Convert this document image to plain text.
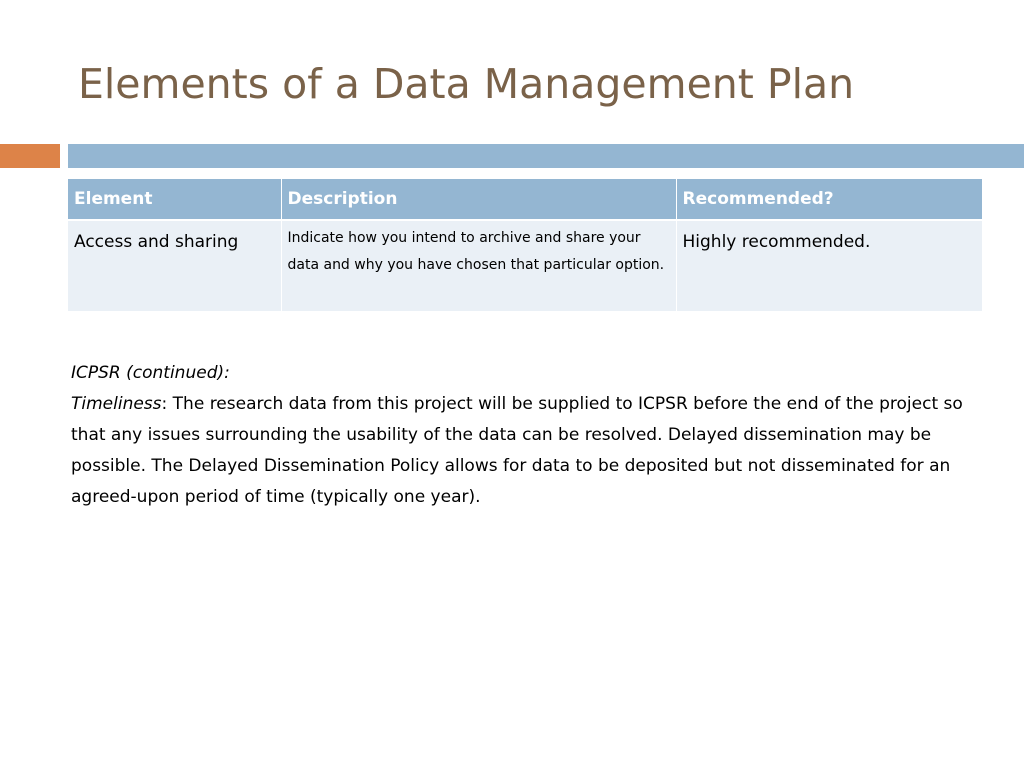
Elements of a Data Management Plan
Element	Description	Recommended?
Access and sharing	Indicate how you intend to archive and share your data and why you have chosen that particular option.	Highly recommended.

ICPSR (continued):

Timeliness: The research data from this project will be supplied to ICPSR before the end of the project so that any issues surrounding the usability of the data can be resolved. Delayed dissemination may be possible. The Delayed Dissemination Policy allows for data to be deposited but not disseminated for an agreed-upon period of time (typically one year).
